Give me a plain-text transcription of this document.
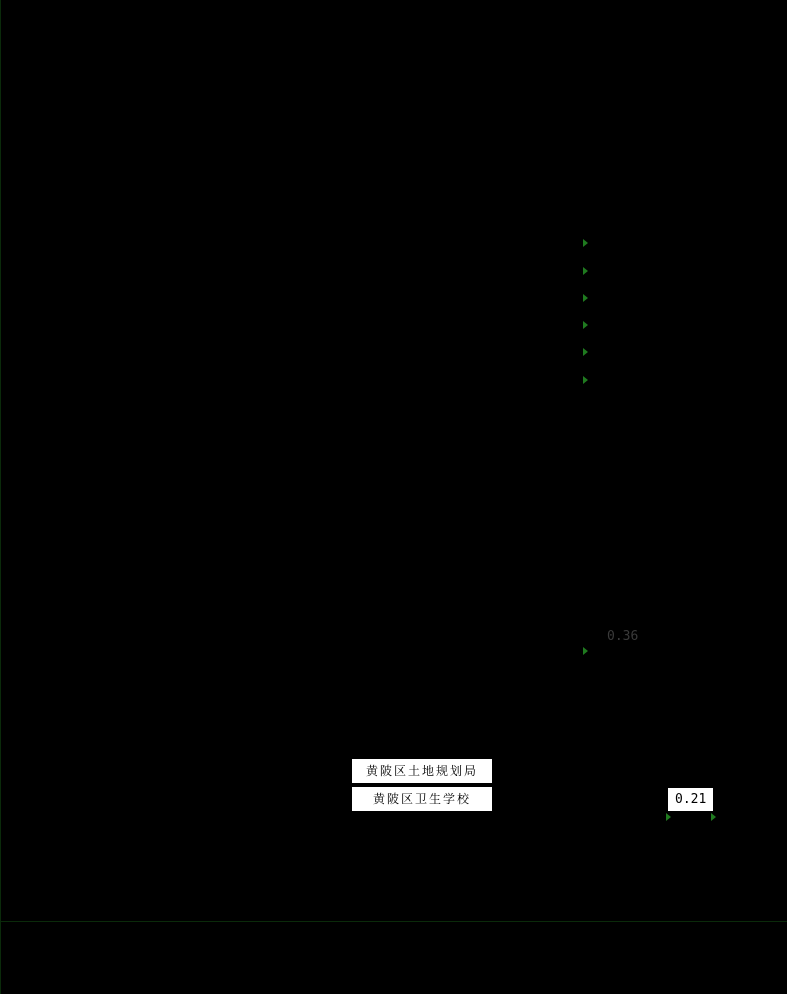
0.36
0.21
黄陂区土地规划局
黄陂区卫生学校
